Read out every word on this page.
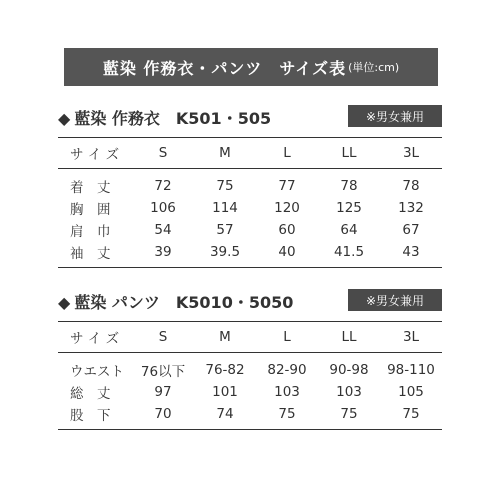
藍染 作務衣・パンツ　サイズ表 (単位:cm)
◆ 藍染 作務衣 K501・505	※男女兼用
サ イ ズ	S	M	L	LL	3L
着　丈	72	75	77	78	78
胸　囲	106	114	120	125	132
肩　巾	54	57	60	64	67
袖　丈	39	39.5	40	41.5	43
◆ 藍染 パンツ K5010・5050	※男女兼用
サ イ ズ	S	M	L	LL	3L
ウエスト	76以下	76-82	82-90	90-98	98-110
総　丈	97	101	103	103	105
股　下	70	74	75	75	75
